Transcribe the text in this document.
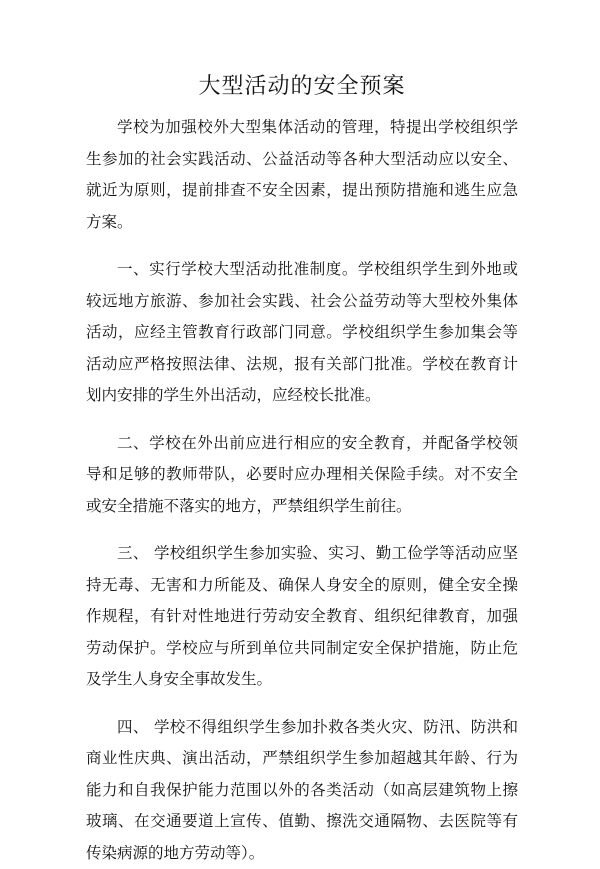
大型活动的安全预案

学校为加强校外大型集体活动的管理，特提出学校组织学生参加的社会实践活动、公益活动等各种大型活动应以安全、就近为原则，提前排查不安全因素，提出预防措施和逃生应急方案。

一、实行学校大型活动批准制度。学校组织学生到外地或较远地方旅游、参加社会实践、社会公益劳动等大型校外集体活动，应经主管教育行政部门同意。学校组织学生参加集会等活动应严格按照法律、法规，报有关部门批准。学校在教育计划内安排的学生外出活动，应经校长批准。

二、学校在外出前应进行相应的安全教育，并配备学校领导和足够的教师带队，必要时应办理相关保险手续。对不安全或安全措施不落实的地方，严禁组织学生前往。

三、 学校组织学生参加实验、实习、勤工俭学等活动应坚持无毒、无害和力所能及、确保人身安全的原则，健全安全操作规程，有针对性地进行劳动安全教育、组织纪律教育，加强劳动保护。学校应与所到单位共同制定安全保护措施，防止危及学生人身安全事故发生。

四、 学校不得组织学生参加扑救各类火灾、防汛、防洪和商业性庆典、演出活动，严禁组织学生参加超越其年龄、行为能力和自我保护能力范围以外的各类活动（如高层建筑物上擦玻璃、在交通要道上宣传、值勤、擦洗交通隔物、去医院等有传染病源的地方劳动等）。
